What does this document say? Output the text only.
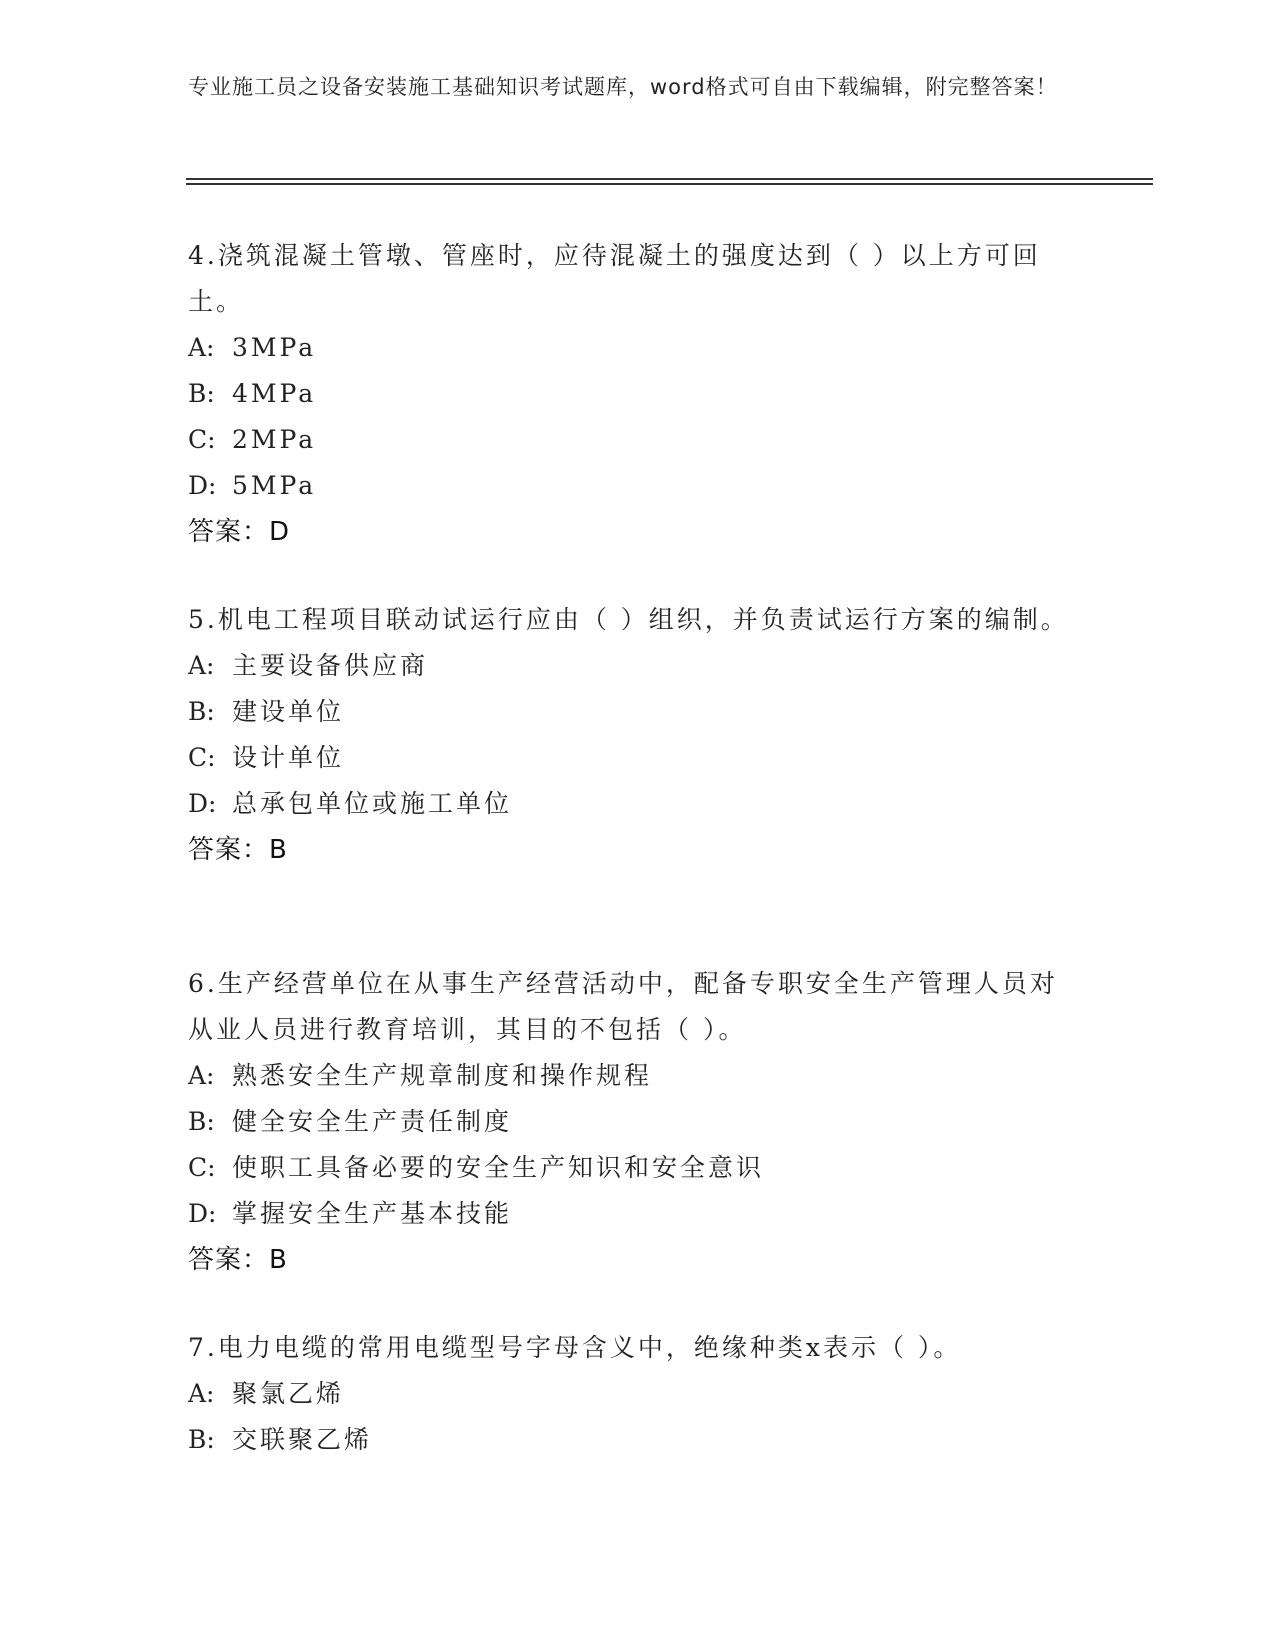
专业施工员之设备安装施工基础知识考试题库，word格式可自由下载编辑，附完整答案！

4.浇筑混凝土管墩、管座时，应待混凝土的强度达到（ ）以上方可回土。

A: 3MPa

B: 4MPa

C: 2MPa

D: 5MPa

答案：D

5.机电工程项目联动试运行应由（ ）组织，并负责试运行方案的编制。

A: 主要设备供应商

B: 建设单位

C: 设计单位

D: 总承包单位或施工单位

答案：B

6.生产经营单位在从事生产经营活动中，配备专职安全生产管理人员对从业人员进行教育培训，其目的不包括（ ）。

A: 熟悉安全生产规章制度和操作规程

B: 健全安全生产责任制度

C: 使职工具备必要的安全生产知识和安全意识

D: 掌握安全生产基本技能

答案：B

7.电力电缆的常用电缆型号字母含义中，绝缘种类x表示（ ）。

A: 聚氯乙烯

B: 交联聚乙烯
